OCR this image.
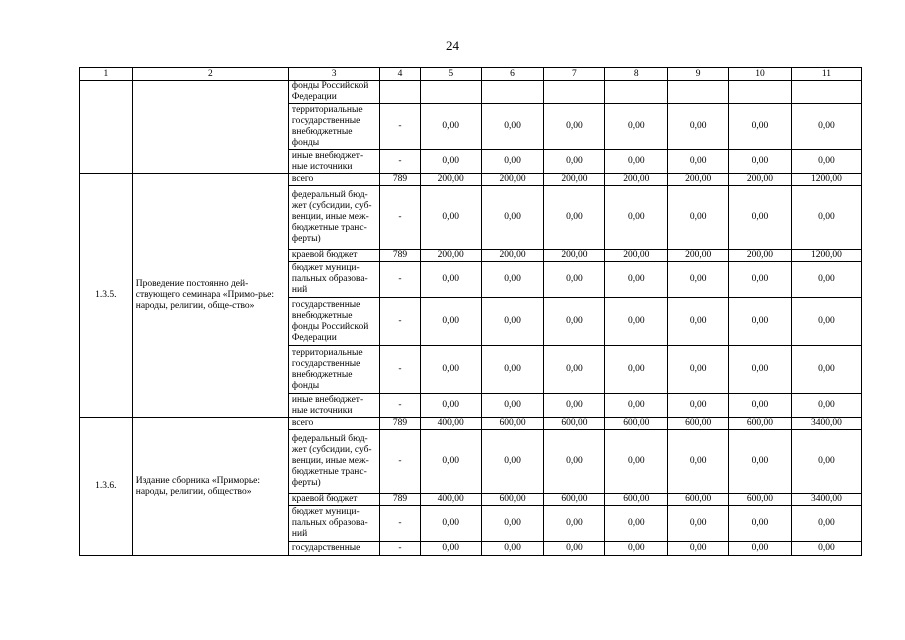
24
1	2	3	4	5	6	7	8	9	10	11
		фонды Российской Федерации								
		территориальные государственные внебюджетные фонды	-	0,00	0,00	0,00	0,00	0,00	0,00	0,00
		иные внебюджет-ные источники	-	0,00	0,00	0,00	0,00	0,00	0,00	0,00
1.3.5.	Проведение постоянно дей-ствующего семинара «Примо-рье: народы, религии, обще-ство»	всего	789	200,00	200,00	200,00	200,00	200,00	200,00	1200,00
		федеральный бюд-жет (субсидии, суб-венции, иные меж-бюджетные транс-ферты)	-	0,00	0,00	0,00	0,00	0,00	0,00	0,00
		краевой бюджет	789	200,00	200,00	200,00	200,00	200,00	200,00	1200,00
		бюджет муници-пальных образова-ний	-	0,00	0,00	0,00	0,00	0,00	0,00	0,00
		государственные внебюджетные фонды Российской Федерации	-	0,00	0,00	0,00	0,00	0,00	0,00	0,00
		территориальные государственные внебюджетные фонды	-	0,00	0,00	0,00	0,00	0,00	0,00	0,00
		иные внебюджет-ные источники	-	0,00	0,00	0,00	0,00	0,00	0,00	0,00
1.3.6.	Издание сборника «Приморье: народы, религии, общество»	всего	789	400,00	600,00	600,00	600,00	600,00	600,00	3400,00
		федеральный бюд-жет (субсидии, суб-венции, иные меж-бюджетные транс-ферты)	-	0,00	0,00	0,00	0,00	0,00	0,00	0,00
		краевой бюджет	789	400,00	600,00	600,00	600,00	600,00	600,00	3400,00
		бюджет муници-пальных образова-ний	-	0,00	0,00	0,00	0,00	0,00	0,00	0,00
		государственные	-	0,00	0,00	0,00	0,00	0,00	0,00	0,00
